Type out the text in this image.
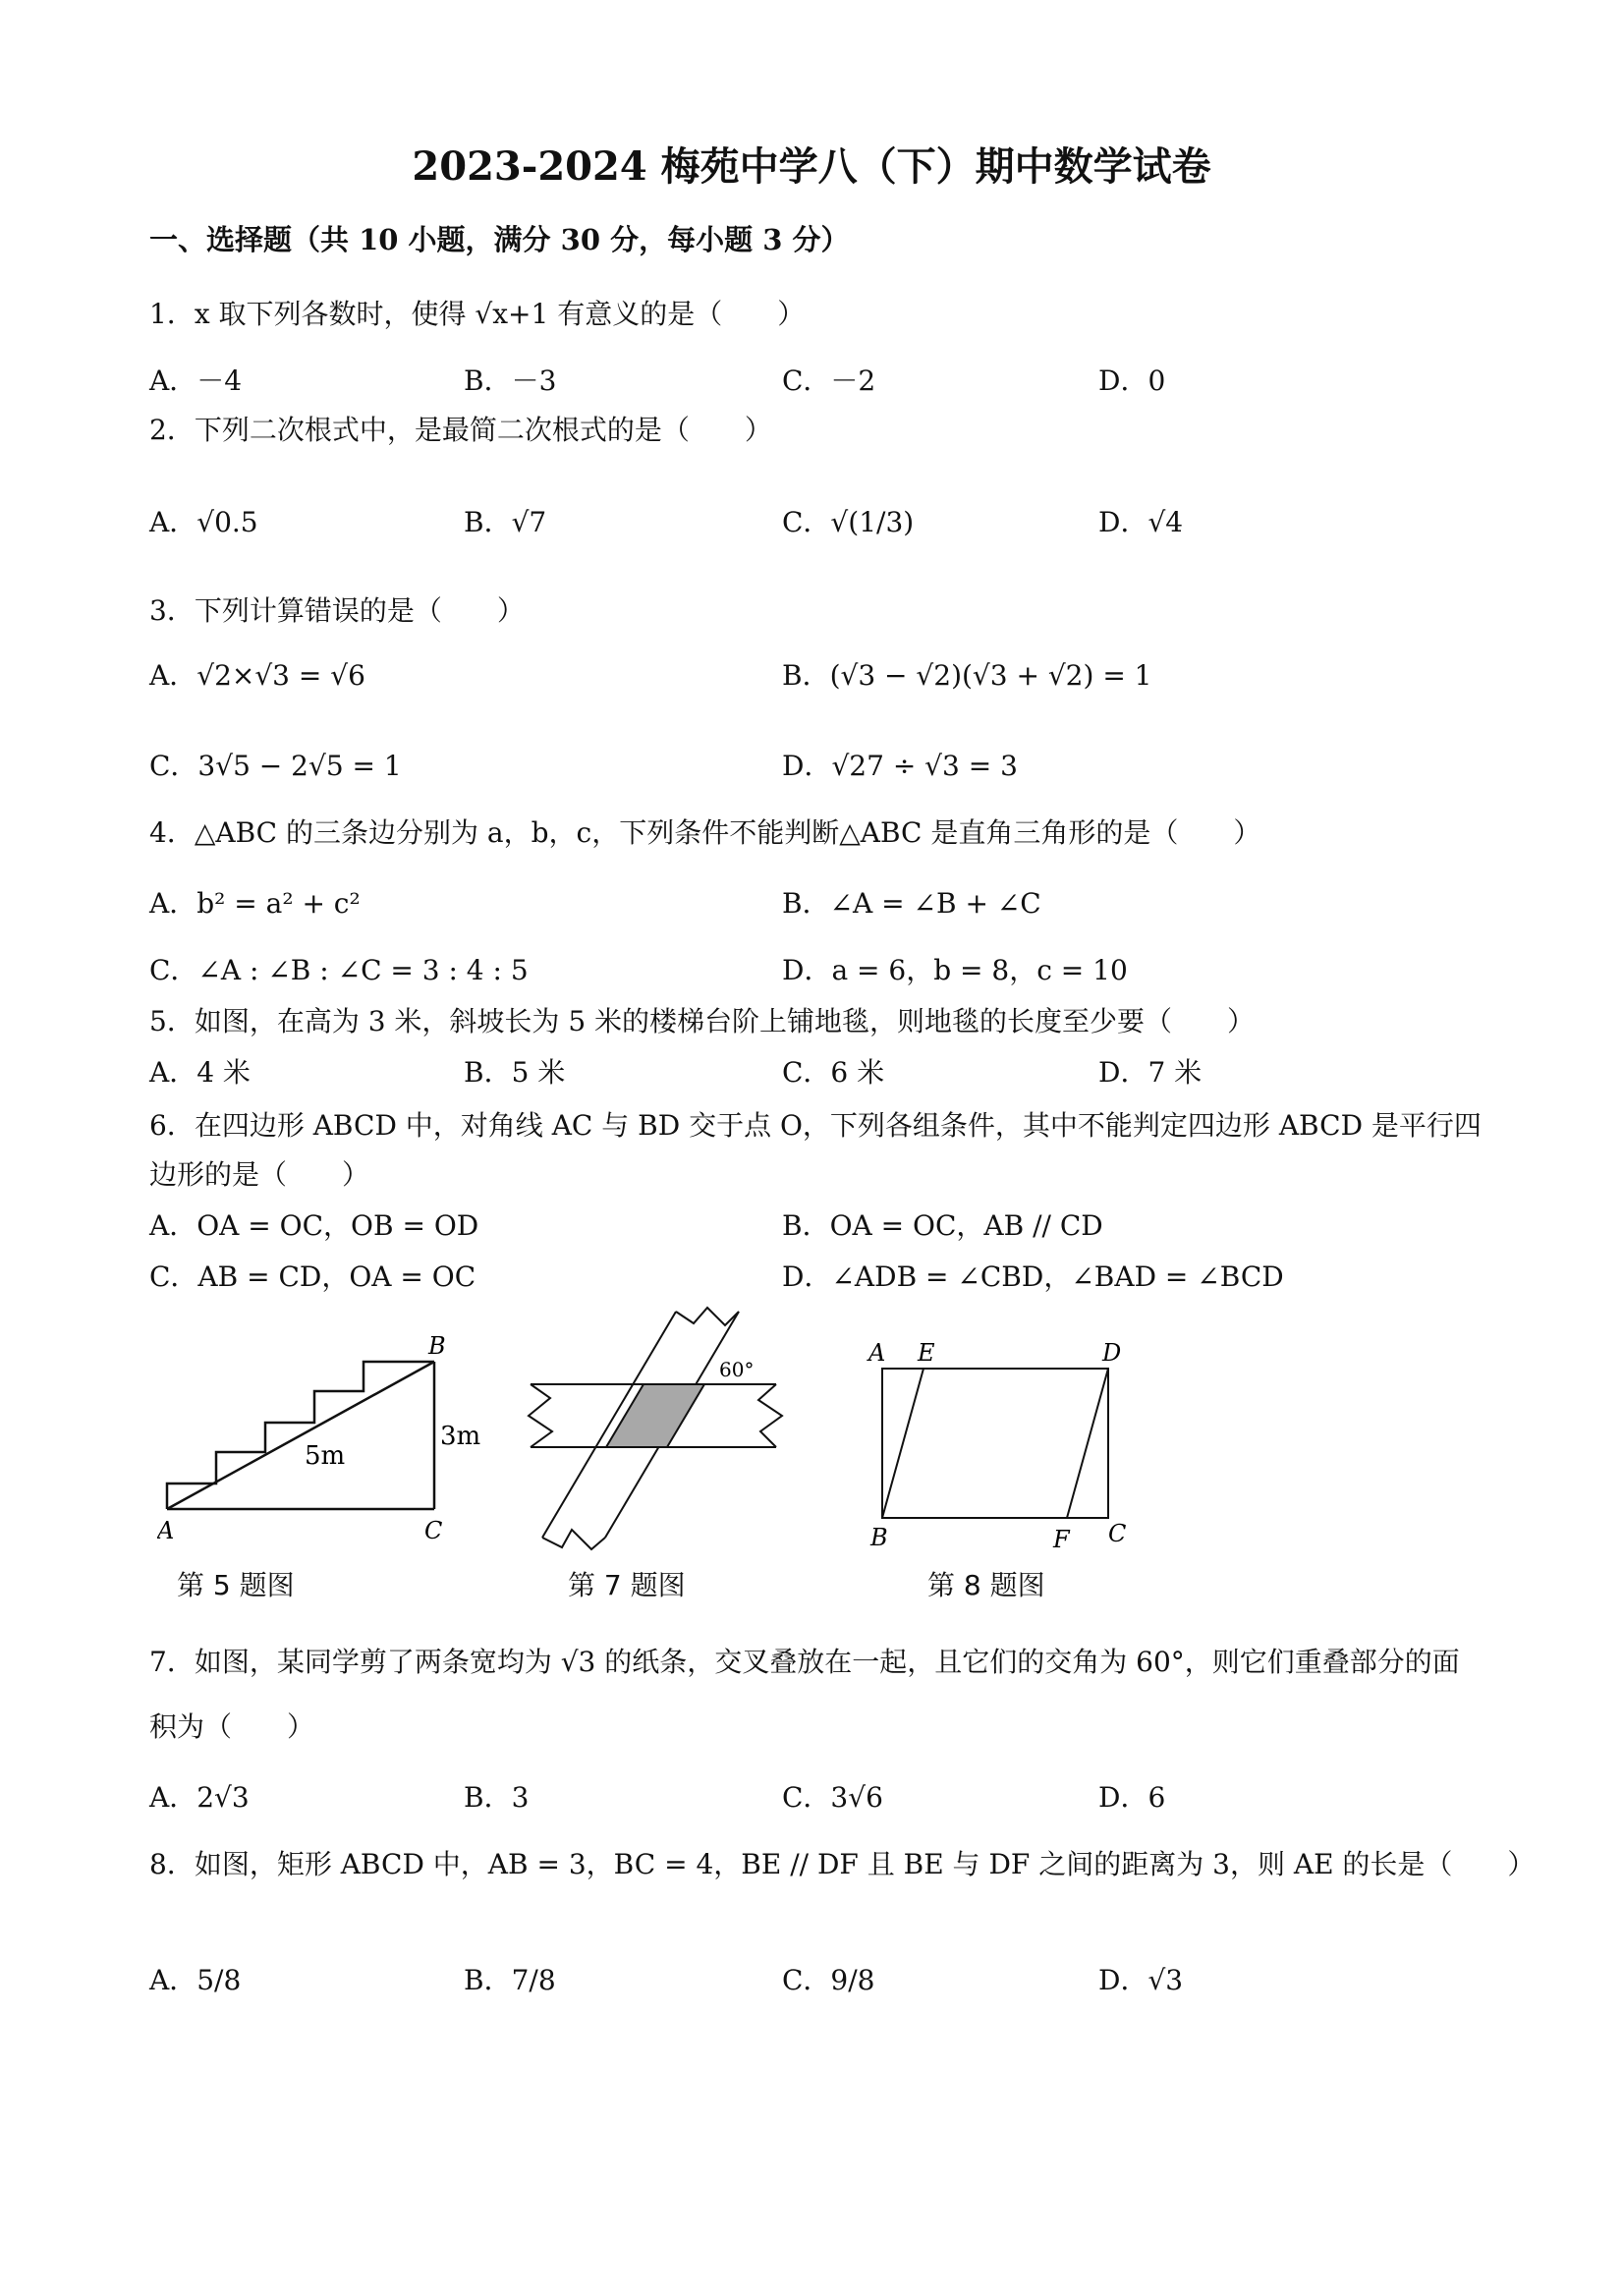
2023-2024 梅苑中学八（下）期中数学试卷
一、选择题（共 10 小题，满分 30 分，每小题 3 分）
1．x 取下列各数时，使得 √x+1 有意义的是（　　）
A．－4	B．－3	C．－2	D．0
2．下列二次根式中，是最简二次根式的是（　　）
A．√0.5	B．√7	C．√(1/3)	D．√4
3．下列计算错误的是（　　）
A．√2×√3 = √6	B．(√3 − √2)(√3 + √2) = 1
C．3√5 − 2√5 = 1	D．√27 ÷ √3 = 3
4．△ABC 的三条边分别为 a，b，c，下列条件不能判断△ABC 是直角三角形的是（　　）
A．b² = a² + c²	B．∠A = ∠B + ∠C
C．∠A : ∠B : ∠C = 3 : 4 : 5	D．a = 6，b = 8，c = 10
5．如图，在高为 3 米，斜坡长为 5 米的楼梯台阶上铺地毯，则地毯的长度至少要（　　）
A．4 米	B．5 米	C．6 米	D．7 米
6．在四边形 ABCD 中，对角线 AC 与 BD 交于点 O，下列各组条件，其中不能判定四边形 ABCD 是平行四
边形的是（　　）
A．OA = OC，OB = OD	B．OA = OC，AB // CD
C．AB = CD，OA = OC	D．∠ADB = ∠CBD，∠BAD = ∠BCD
5m
3m
A
B
C
第 5 题图
60°
第 7 题图
A E	D
B	F C
第 8 题图
7．如图，某同学剪了两条宽均为 √3 的纸条，交叉叠放在一起，且它们的交角为 60°，则它们重叠部分的面
积为（　　）
A．2√3	B．3	C．3√6	D．6
8．如图，矩形 ABCD 中，AB = 3，BC = 4，BE // DF 且 BE 与 DF 之间的距离为 3，则 AE 的长是（　　）
A．5/8	B．7/8	C．9/8	D．√3
